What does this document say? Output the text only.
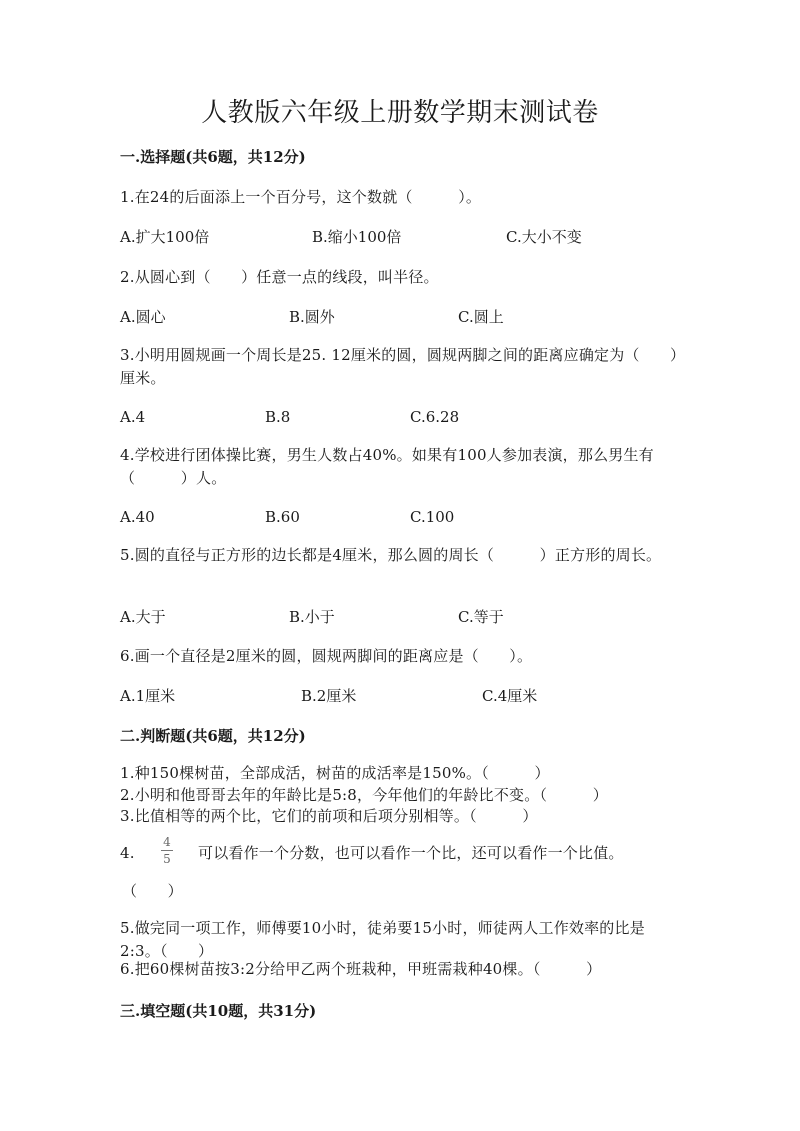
人教版六年级上册数学期末测试卷
一.选择题(共6题，共12分)
1.在24的后面添上一个百分号，这个数就（　　　）。
A.扩大100倍	B.缩小100倍	C.大小不变
2.从圆心到（　　）任意一点的线段，叫半径。
A.圆心	B.圆外	C.圆上
3.小明用圆规画一个周长是25. 12厘米的圆，圆规两脚之间的距离应确定为（　　）厘米。
A.4	B.8	C.6.28
4.学校进行团体操比赛，男生人数占40%。如果有100人参加表演，那么男生有（　　　）人。
A.40	B.60	C.100
5.圆的直径与正方形的边长都是4厘米，那么圆的周长（　　　）正方形的周长。
A.大于	B.小于	C.等于
6.画一个直径是2厘米的圆，圆规两脚间的距离应是（　　）。
A.1厘米	B.2厘米	C.4厘米
二.判断题(共6题，共12分)
1.种150棵树苗，全部成活，树苗的成活率是150%。（　　　）
2.小明和他哥哥去年的年龄比是5:8，今年他们的年龄比不变。（　　　）
3.比值相等的两个比，它们的前项和后项分别相等。（　　　）
4.
4
5	可以看作一个分数，也可以看作一个比，还可以看作一个比值。
（　　）
5.做完同一项工作，师傅要10小时，徒弟要15小时，师徒两人工作效率的比是2:3。（　　）
6.把60棵树苗按3:2分给甲乙两个班栽种，甲班需栽种40棵。（　　　）
三.填空题(共10题，共31分)
